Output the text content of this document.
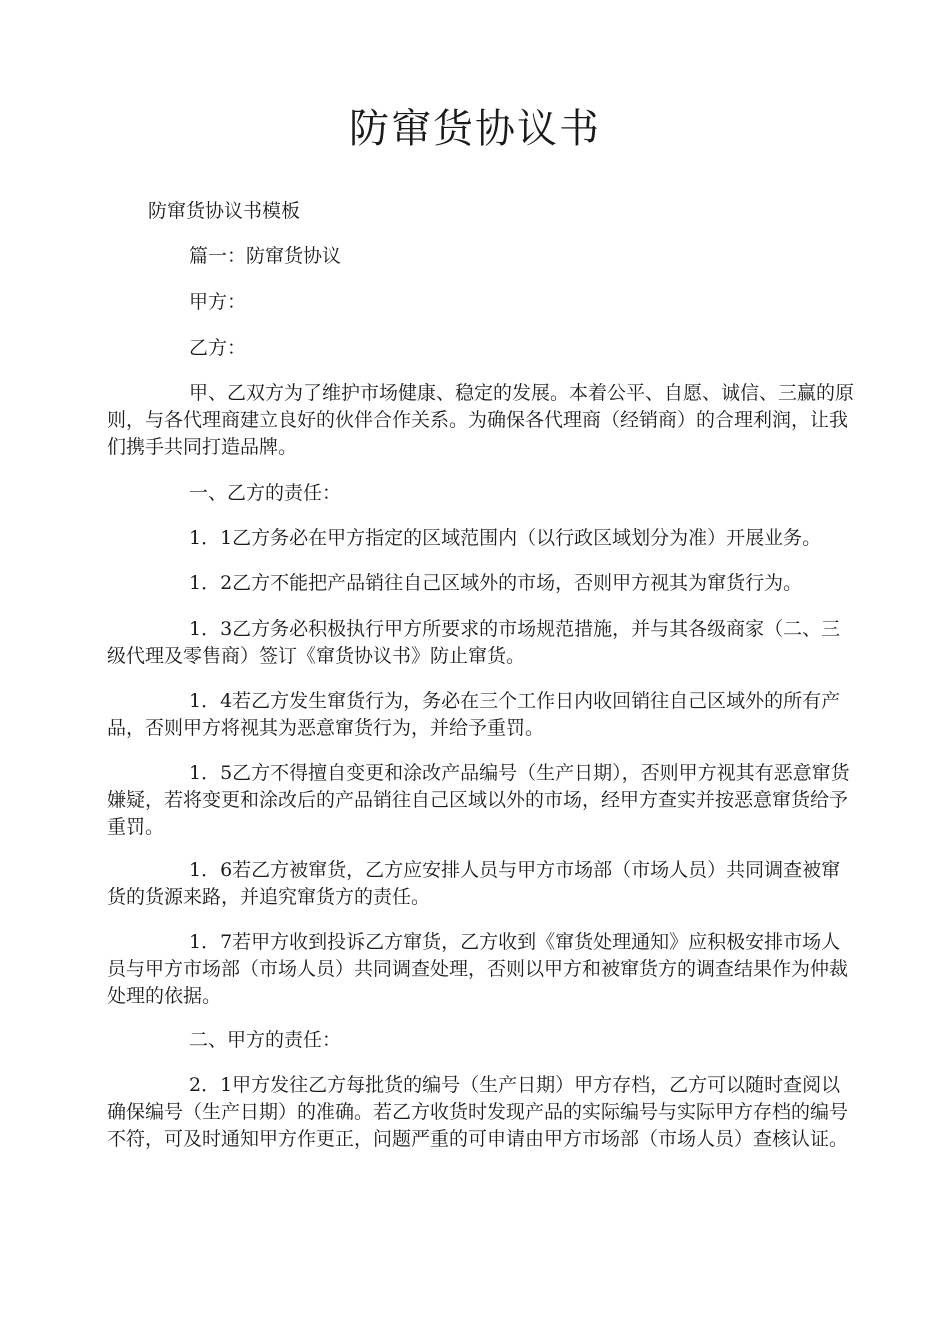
防窜货协议书

防窜货协议书模板

篇一：防窜货协议

甲方：

乙方：

甲、乙双方为了维护市场健康、稳定的发展。本着公平、自愿、诚信、三赢的原则，与各代理商建立良好的伙伴合作关系。为确保各代理商（经销商）的合理利润，让我们携手共同打造品牌。

一、乙方的责任：

1．1乙方务必在甲方指定的区域范围内（以行政区域划分为准）开展业务。

1．2乙方不能把产品销往自己区域外的市场，否则甲方视其为窜货行为。

1．3乙方务必积极执行甲方所要求的市场规范措施，并与其各级商家（二、三级代理及零售商）签订《窜货协议书》防止窜货。

1．4若乙方发生窜货行为，务必在三个工作日内收回销往自己区域外的所有产品，否则甲方将视其为恶意窜货行为，并给予重罚。

1．5乙方不得擅自变更和涂改产品编号（生产日期），否则甲方视其有恶意窜货嫌疑，若将变更和涂改后的产品销往自己区域以外的市场，经甲方查实并按恶意窜货给予重罚。

1．6若乙方被窜货，乙方应安排人员与甲方市场部（市场人员）共同调查被窜货的货源来路，并追究窜货方的责任。

1．7若甲方收到投诉乙方窜货，乙方收到《窜货处理通知》应积极安排市场人员与甲方市场部（市场人员）共同调查处理，否则以甲方和被窜货方的调查结果作为仲裁处理的依据。

二、甲方的责任：

2．1甲方发往乙方每批货的编号（生产日期）甲方存档，乙方可以随时查阅以确保编号（生产日期）的准确。若乙方收货时发现产品的实际编号与实际甲方存档的编号不符，可及时通知甲方作更正，问题严重的可申请由甲方市场部（市场人员）查核认证。
